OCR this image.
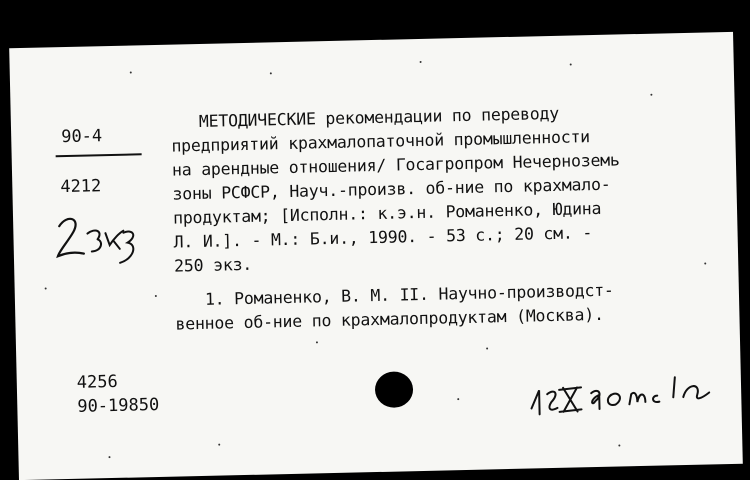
90-4
4212
МЕТОДИЧЕСКИЕ рекомендации по переводу
предприятий крахмалопаточной промышленности
на арендные отношения/ Госагропром Нечерноземь
зоны РСФСР, Науч.-произв. об-ние по крахмало-
продуктам; [Исполн.: к.э.н. Романенко, Юдина
Л. И.]. - М.: Б.и., 1990. - 53 с.; 20 см. -
250 экз.
1. Романенко, В. М. II. Научно-производст-
венное об-ние по крахмалопродуктам (Москва).
4256
90-19850
